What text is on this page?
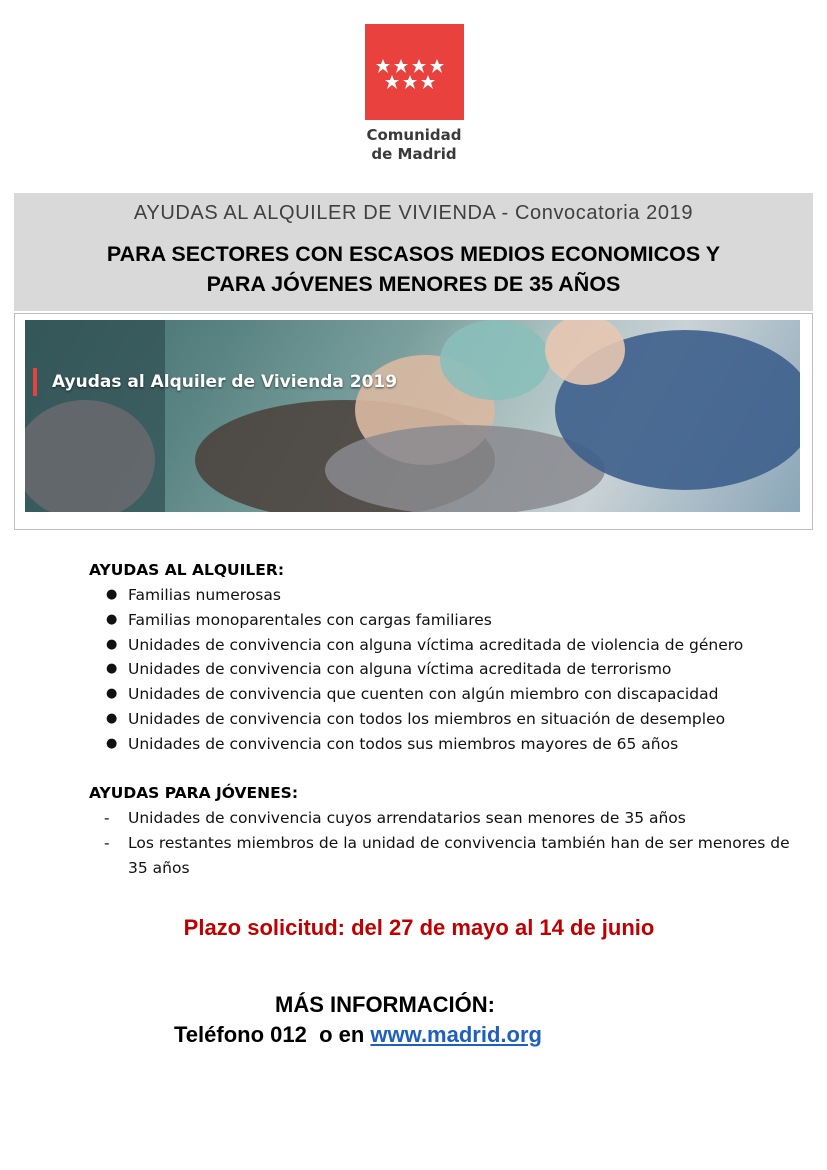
Comunidad
de Madrid
AYUDAS AL ALQUILER DE VIVIENDA - Convocatoria 2019
PARA SECTORES CON ESCASOS MEDIOS ECONOMICOS Y
PARA JÓVENES MENORES DE 35 AÑOS
Ayudas al Alquiler de Vivienda 2019
AYUDAS AL ALQUILER:
● Familias numerosas
● Familias monoparentales con cargas familiares
● Unidades de convivencia con alguna víctima acreditada de violencia de género
● Unidades de convivencia con alguna víctima acreditada de terrorismo
● Unidades de convivencia que cuenten con algún miembro con discapacidad
● Unidades de convivencia con todos los miembros en situación de desempleo
● Unidades de convivencia con todos sus miembros mayores de 65 años
AYUDAS PARA JÓVENES:
- Unidades de convivencia cuyos arrendatarios sean menores de 35 años
- Los restantes miembros de la unidad de convivencia también han de ser menores de 35 años
Plazo solicitud: del 27 de mayo al 14 de junio
MÁS INFORMACIÓN:
Teléfono 012  o en www.madrid.org
